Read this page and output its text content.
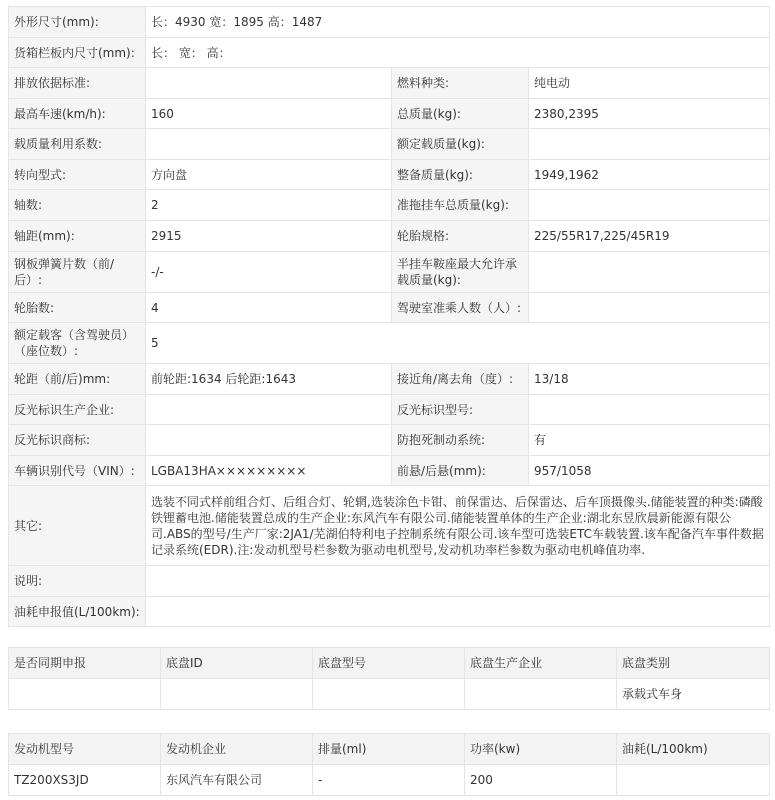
外形尺寸(mm):	长：4930 宽：1895 高：1487		
货箱栏板内尺寸(mm):	长： 宽： 高：		
排放依据标准:		燃料种类:	纯电动
最高车速(km/h):	160	总质量(kg):	2380,2395
载质量利用系数:		额定载质量(kg):	
转向型式:	方向盘	整备质量(kg):	1949,1962
轴数:	2	准拖挂车总质量(kg):	
轴距(mm):	2915	轮胎规格:	225/55R17,225/45R19
钢板弹簧片数（前/后）:	-/-	半挂车鞍座最大允许承载质量(kg):	
轮胎数:	4	驾驶室准乘人数（人）:	
额定载客（含驾驶员）（座位数）:	5		
轮距（前/后)mm:	前轮距:1634 后轮距:1643	接近角/离去角（度）:	13/18
反光标识生产企业:		反光标识型号:	
反光标识商标:		防抱死制动系统:	有
车辆识别代号（VIN）:	LGBA13HA×××××××××	前悬/后悬(mm):	957/1058
其它:	选装不同式样前组合灯、后组合灯、轮辋,选装涂色卡钳、前保雷达、后保雷达、后车顶摄像头.储能装置的种类:磷酸铁锂蓄电池.储能装置总成的生产企业:东风汽车有限公司.储能装置单体的生产企业:湖北东昱欣晨新能源有限公司.ABS的型号/生产厂家:2JA1/芜湖伯特利电子控制系统有限公司.该车型可选装ETC车载装置.该车配备汽车事件数据记录系统(EDR).注:发动机型号栏参数为驱动电机型号,发动机功率栏参数为驱动电机峰值功率.		
说明:			
油耗申报值(L/100km):			
是否同期申报	底盘ID	底盘型号	底盘生产企业	底盘类别
				承载式车身
发动机型号	发动机企业	排量(ml)	功率(kw)	油耗(L/100km)
TZ200XS3JD	东风汽车有限公司	-	200	
